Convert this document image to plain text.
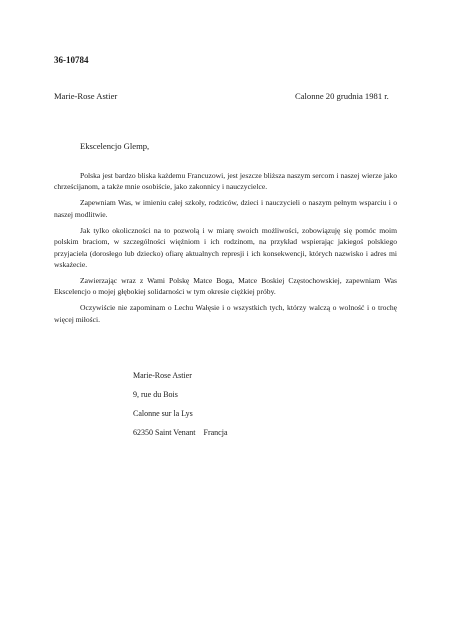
36-10784
Marie-Rose Astier	Calonne 20 grudnia 1981 r.
Ekscelencjo Glemp,

Polska jest bardzo bliska każdemu Francuzowi, jest jeszcze bliższa naszym sercom i naszej wierze jako chrześcijanom, a także mnie osobiście, jako zakonnicy i nauczycielce.

Zapewniam Was, w imieniu całej szkoły, rodziców, dzieci i nauczycieli o naszym pełnym wsparciu i o naszej modlitwie.

Jak tylko okoliczności na to pozwolą i w miarę swoich możliwości, zobowiązuję się pomóc moim polskim braciom, w szczególności więźniom i ich rodzinom, na przykład wspierając jakiegoś polskiego przyjaciela (dorosłego lub dziecko) ofiarę aktualnych represji i ich konsekwencji, których nazwisko i adres mi wskażecie.

Zawierzając wraz z Wami Polskę Matce Boga, Matce Boskiej Częstochowskiej, zapewniam Was Ekscelencjo o mojej głębokiej solidarności w tym okresie ciężkiej próby.

Oczywiście nie zapominam o Lechu Wałęsie i o wszystkich tych, którzy walczą o wolność i o trochę więcej miłości.

Marie-Rose Astier
9, rue du Bois
Calonne sur la Lys
62350 Saint Venant    Francja
